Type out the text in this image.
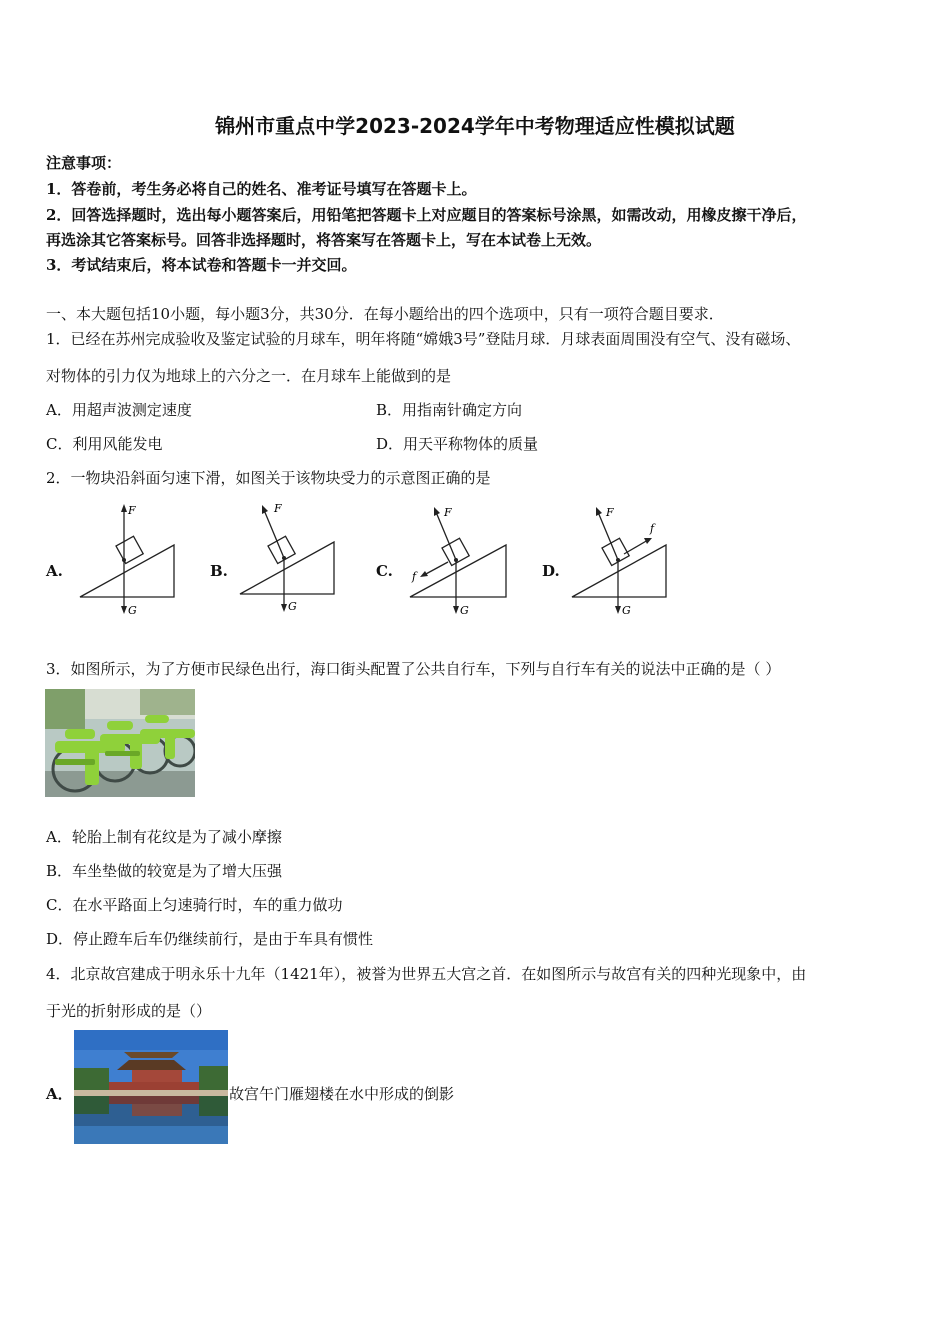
锦州市重点中学2023-2024学年中考物理适应性模拟试题
注意事项：
1．答卷前，考生务必将自己的姓名、准考证号填写在答题卡上。
2．回答选择题时，选出每小题答案后，用铅笔把答题卡上对应题目的答案标号涂黑，如需改动，用橡皮擦干净后，
再选涂其它答案标号。回答非选择题时，将答案写在答题卡上，写在本试卷上无效。
3．考试结束后，将本试卷和答题卡一并交回。
一、本大题包括10小题，每小题3分，共30分．在每小题给出的四个选项中，只有一项符合题目要求．
1．已经在苏州完成验收及鉴定试验的月球车，明年将随“嫦娥3号”登陆月球．月球表面周围没有空气、没有磁场、
对物体的引力仅为地球上的六分之一．在月球车上能做到的是
A．用超声波测定速度	B．用指南针确定方向
C．利用风能发电	D．用天平称物体的质量
2．一物块沿斜面匀速下滑，如图关于该物块受力的示意图正确的是
A.
F
G
B.
F
G
C.
F
G
f	D.
F
G
f
3．如图所示，为了方便市民绿色出行，海口街头配置了公共自行车，下列与自行车有关的说法中正确的是（ ）
A．轮胎上制有花纹是为了减小摩擦
B．车坐垫做的较宽是为了增大压强
C．在水平路面上匀速骑行时，车的重力做功
D．停止蹬车后车仍继续前行，是由于车具有惯性
4．北京故宫建成于明永乐十九年（1421年），被誉为世界五大宫之首．在如图所示与故宫有关的四种光现象中，由
于光的折射形成的是（）
A．	故宫午门雁翅楼在水中形成的倒影
